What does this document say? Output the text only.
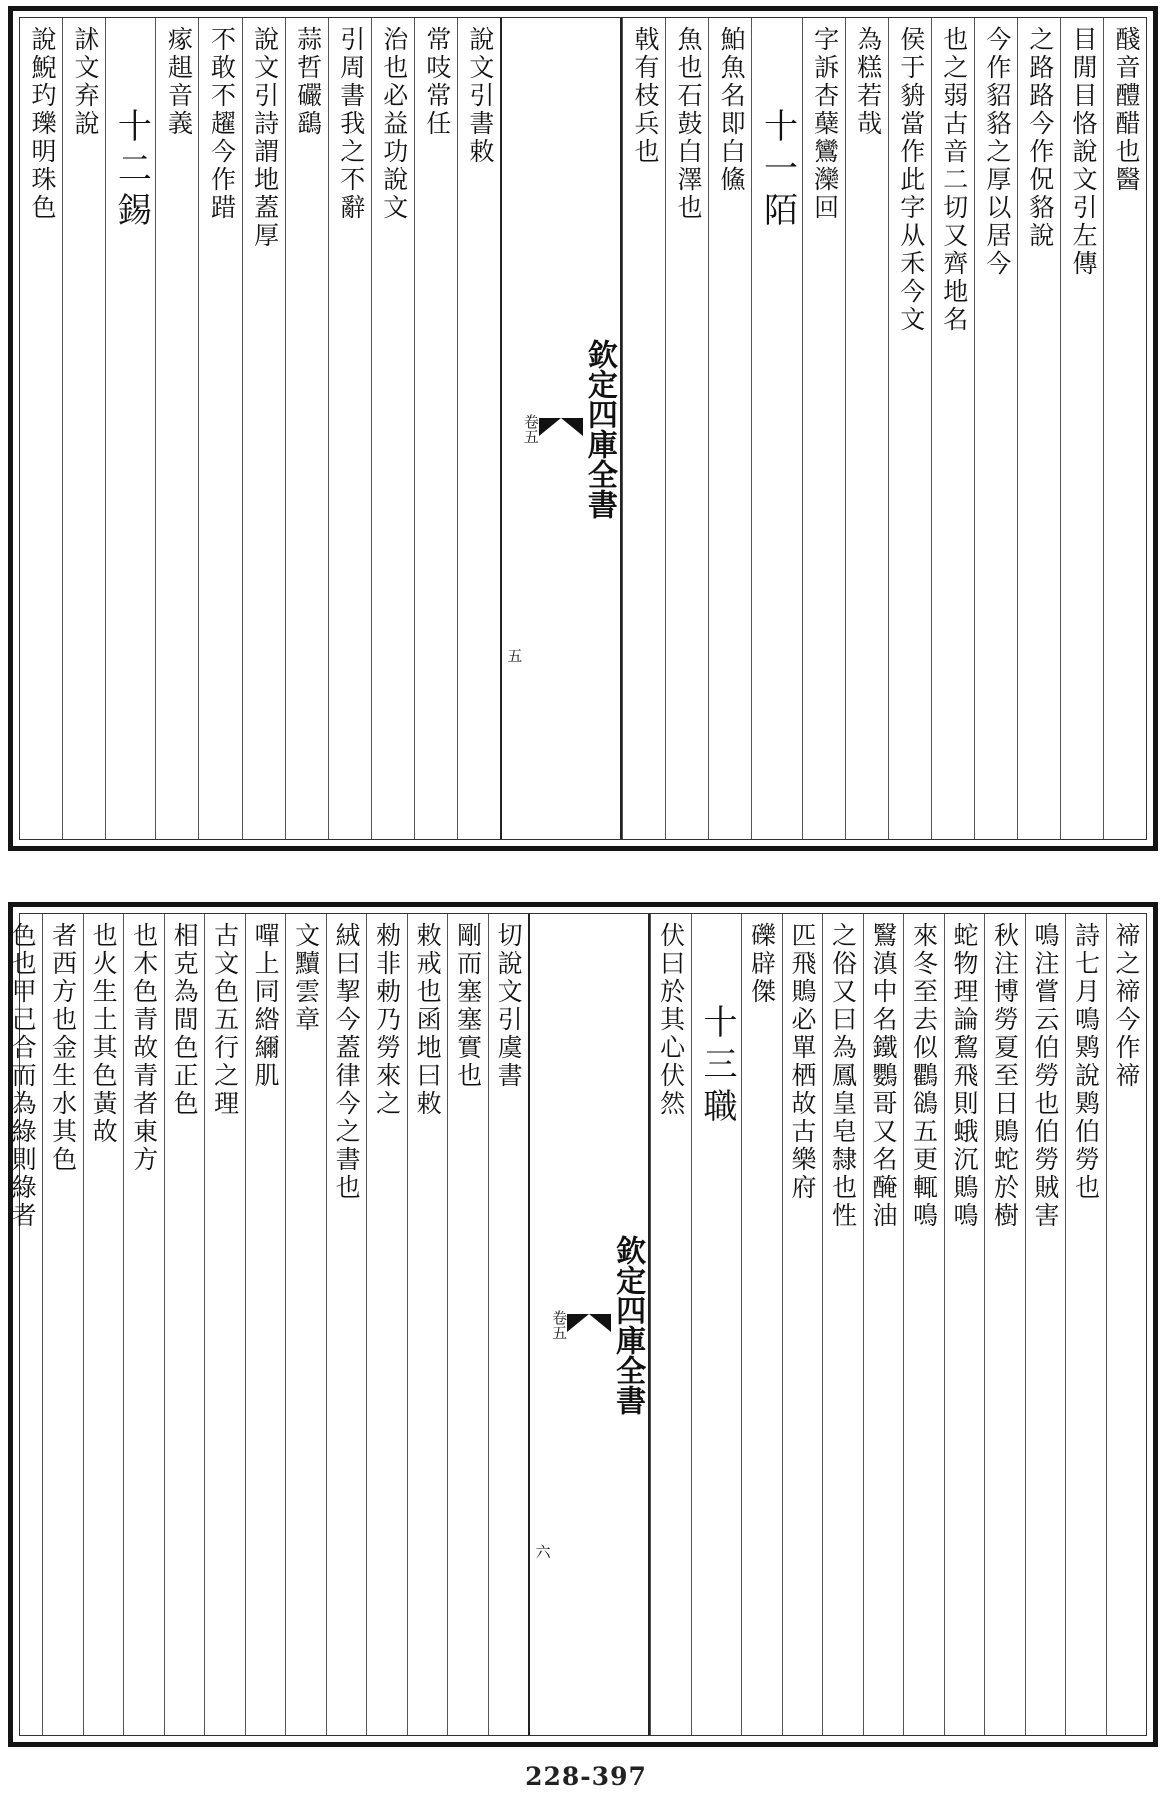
醆音醴醋也醫
目閒目恪說文引左傳
之路路今作㑆貉說
今作貂貉之厚以居今
也之弱古音二切又齊地名
侯于貈當作此字从禾今文
為糕若哉
字訴杏蘖鸞灤回
十一陌
鮊魚名即白鯈
魚也石鼓白澤也
戟有枝兵也
欽定四庫全書
卷五
五
說文引書敕
常吱常任
治也必益功說文
引周書我之不辭
蒜哲礹鷂
說文引詩謂地蓋厚
不敢不趯今作踖
瘃趄音義
十二錫
訹文弃說
說鯢玓瓅明珠色
禘之禘今作禘
詩七月鳴䴗說䴗伯勞也
鳴注嘗云伯勞也伯勞賊害
秋注博勞夏至日鵙蛇於樹
蛇物理論鵹飛則蛾沉鵙鳴
來冬至去似鸜鵒五更輒鳴
鷖滇中名鐵鸚哥又名醃油
之俗又曰為鳳皇皂隸也性
匹飛鵙必單栖故古樂府
礫辟傑
十三職
伏曰於其心伏然
欽定四庫全書
卷五
六
切說文引虞書
剛而塞塞實也
敕戒也函地曰敕
勑非勅乃勞來之
絨曰挈今蓋律今之書也
文黷雲章
嘽上同綹䌤肌
古文色五行之理
相克為間色正色
也木色青故青者東方
也火生土其色黃故
者西方也金生水其色
色也甲己合而為綠則綠者
228-397
